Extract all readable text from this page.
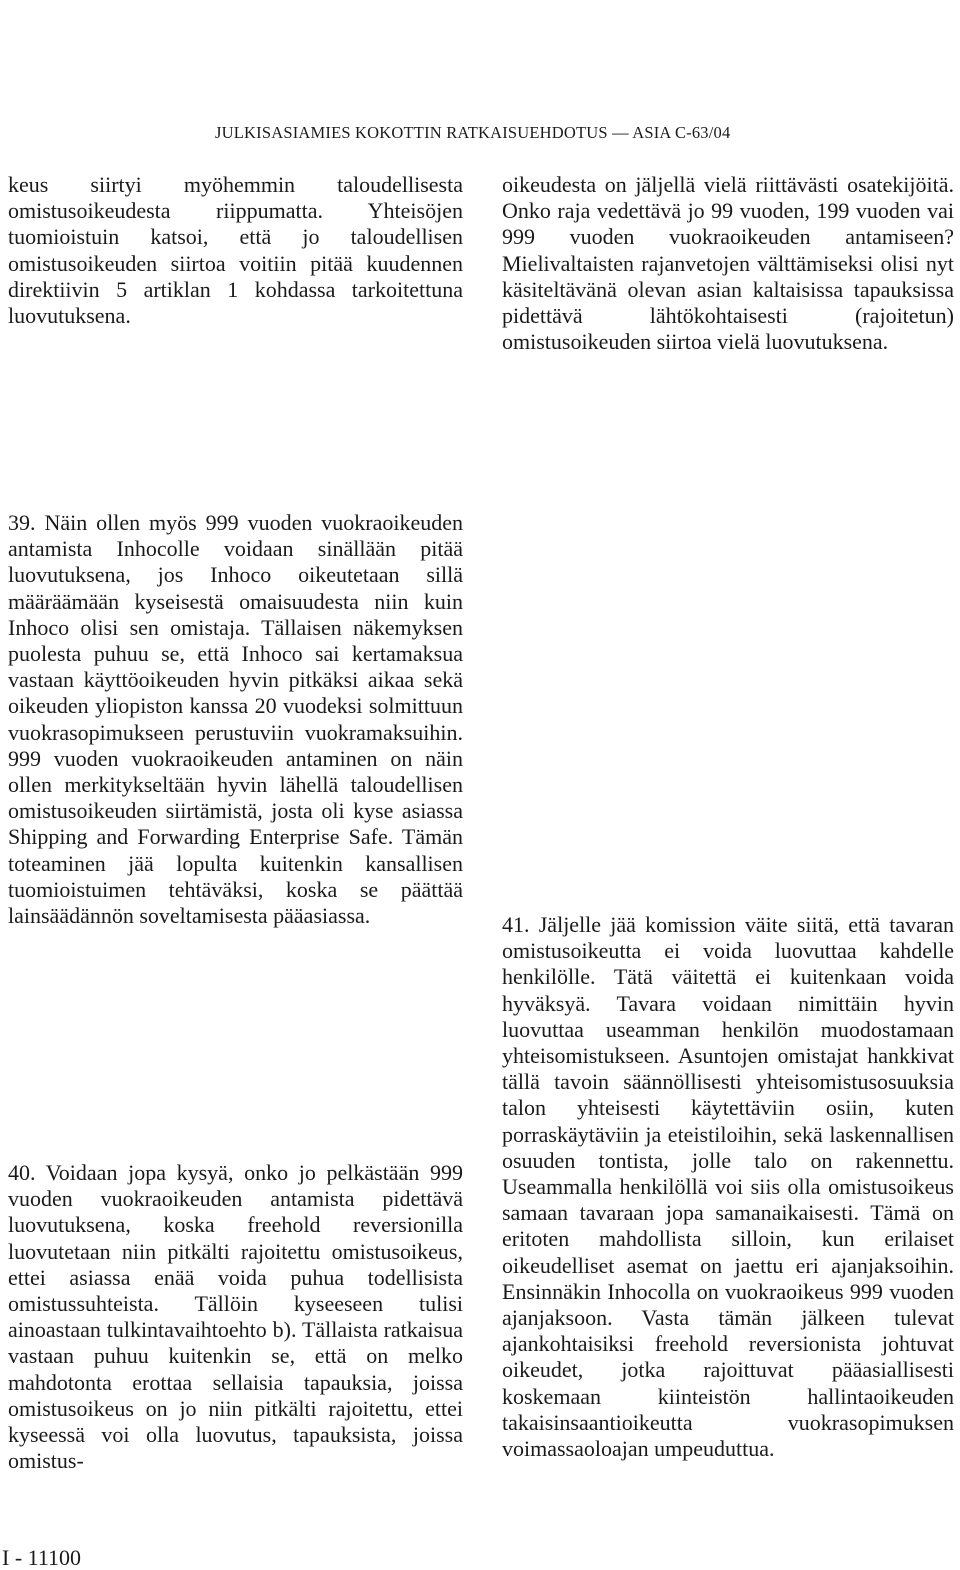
JULKISASIAMIES KOKOTTIN RATKAISUEHDOTUS — ASIA C-63/04

keus siirtyi myöhemmin taloudellisesta omistusoikeudesta riippumatta. Yhteisöjen tuomioistuin katsoi, että jo taloudellisen omistusoikeuden siirtoa voitiin pitää kuudennen direktiivin 5 artiklan 1 kohdassa tarkoitettuna luovutuksena.

oikeudesta on jäljellä vielä riittävästi osatekijöitä. Onko raja vedettävä jo 99 vuoden, 199 vuoden vai 999 vuoden vuokraoikeuden antamiseen? Mielivaltaisten rajanvetojen välttämiseksi olisi nyt käsiteltävänä olevan asian kaltaisissa tapauksissa pidettävä lähtökohtaisesti (rajoitetun) omistusoikeuden siirtoa vielä luovutuksena.

39. Näin ollen myös 999 vuoden vuokraoikeuden antamista Inhocolle voidaan sinällään pitää luovutuksena, jos Inhoco oikeutetaan sillä määräämään kyseisestä omaisuudesta niin kuin Inhoco olisi sen omistaja. Tällaisen näkemyksen puolesta puhuu se, että Inhoco sai kertamaksua vastaan käyttöoikeuden hyvin pitkäksi aikaa sekä oikeuden yliopiston kanssa 20 vuodeksi solmittuun vuokrasopimukseen perustuviin vuokramaksuihin. 999 vuoden vuokraoikeuden antaminen on näin ollen merkitykseltään hyvin lähellä taloudellisen omistusoikeuden siirtämistä, josta oli kyse asiassa Shipping and Forwarding Enterprise Safe. Tämän toteaminen jää lopulta kuitenkin kansallisen tuomioistuimen tehtäväksi, koska se päättää lainsäädännön soveltamisesta pääasiassa.

40. Voidaan jopa kysyä, onko jo pelkästään 999 vuoden vuokraoikeuden antamista pidettävä luovutuksena, koska freehold reversionilla luovutetaan niin pitkälti rajoitettu omistusoikeus, ettei asiassa enää voida puhua todellisista omistussuhteista. Tällöin kyseeseen tulisi ainoastaan tulkintavaihtoehto b). Tällaista ratkaisua vastaan puhuu kuitenkin se, että on melko mahdotonta erottaa sellaisia tapauksia, joissa omistusoikeus on jo niin pitkälti rajoitettu, ettei kyseessä voi olla luovutus, tapauksista, joissa omistus-

41. Jäljelle jää komission väite siitä, että tavaran omistusoikeutta ei voida luovuttaa kahdelle henkilölle. Tätä väitettä ei kuitenkaan voida hyväksyä. Tavara voidaan nimittäin hyvin luovuttaa useamman henkilön muodostamaan yhteisomistukseen. Asuntojen omistajat hankkivat tällä tavoin säännöllisesti yhteisomistusosuuksia talon yhteisesti käytettäviin osiin, kuten porraskäytäviin ja eteistiloihin, sekä laskennallisen osuuden tontista, jolle talo on rakennettu. Useammalla henkilöllä voi siis olla omistusoikeus samaan tavaraan jopa samanaikaisesti. Tämä on eritoten mahdollista silloin, kun erilaiset oikeudelliset asemat on jaettu eri ajanjaksoihin. Ensinnäkin Inhocolla on vuokraoikeus 999 vuoden ajanjaksoon. Vasta tämän jälkeen tulevat ajankohtaisiksi freehold reversionista johtuvat oikeudet, jotka rajoittuvat pääasiallisesti koskemaan kiinteistön hallintaoikeuden takaisinsaantioikeutta vuokrasopimuksen voimassaoloajan umpeuduttua.

I - 11100
